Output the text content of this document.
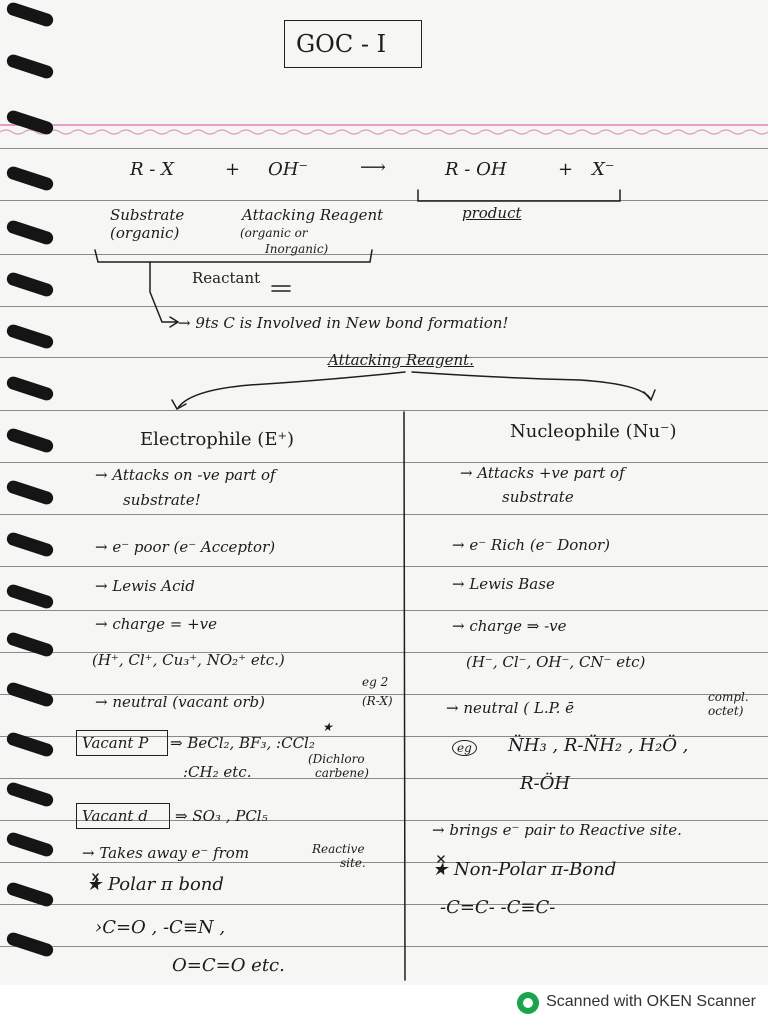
GOC - I
R - X	+ OH⁻	⟶	R - OH	+ X⁻
Substrate
(organic)
Attacking Reagent
(organic or
Inorganic)
product
Reactant
→ 9ts C is Involved in New bond formation!
Attacking Reagent.
Electrophile (E⁺)
→ Attacks on -ve part of
substrate!
→ e⁻ poor (e⁻ Acceptor)
→ Lewis Acid
→ charge = +ve
(H⁺, Cl⁺, Cu₃⁺, NO₂⁺ etc.)
eg 2
(R-X)
→ neutral (vacant orb)
Vacant P ⇒ BeCl₂, BF₃, :CCl₂
★
:CH₂ etc.
(Dichloro
carbene)
Vacant d ⇒ SO₃ , PCl₅
→ Takes away e⁻ from	Reactive
site.
★ Polar π bond
›C=O , -C≡N ,
O=C=O etc.
Nucleophile (Nu⁻)
→ Attacks +ve part of
substrate
→ e⁻ Rich (e⁻ Donor)
→ Lewis Base
→ charge ⇒ -ve
(H⁻, Cl⁻, OH⁻, CN⁻ etc)
→ neutral ( L.P. ē
compl.
octet)
eg N̈H₃ , R-N̈H₂ , H₂Ö ,
R-ÖH
→ brings e⁻ pair to Reactive site.
★ Non-Polar π-Bond
-C=C- -C≡C-
Scanned with OKEN Scanner
